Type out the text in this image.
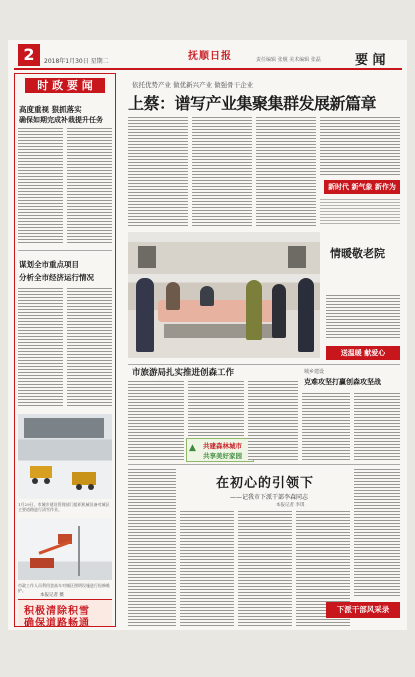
2	2018年1月30日 星期二	抚顺日报	责任编辑 张舰 美术编辑 张磊	要 闻
时 政 要 闻
高度重视 狠抓落实
确保如期完成补栽提升任务
谋划全市重点项目
分析全市经济运行情况
1月29日，市城乡建设管理部门组织机械设备对城区主要道路进行清雪作业。
市政工作人员利用登高车对城区照明设施进行检修维护。
本报记者 摄
积极清除积雪
确保道路畅通
依托优势产业 做优新兴产业 做强骨干企业
上蔡：谱写产业集聚集群发展新篇章
新时代 新气象 新作为
情暖敬老院
送温暖 献爱心
市旅游局扎实推进创森工作
▲ 共建森林城市
共享美好家园
城乡建设
克难攻坚打赢创森攻坚战
在初心的引领下
——记我市下派干部李森同志
本报记者 李琪
下派干部风采录
